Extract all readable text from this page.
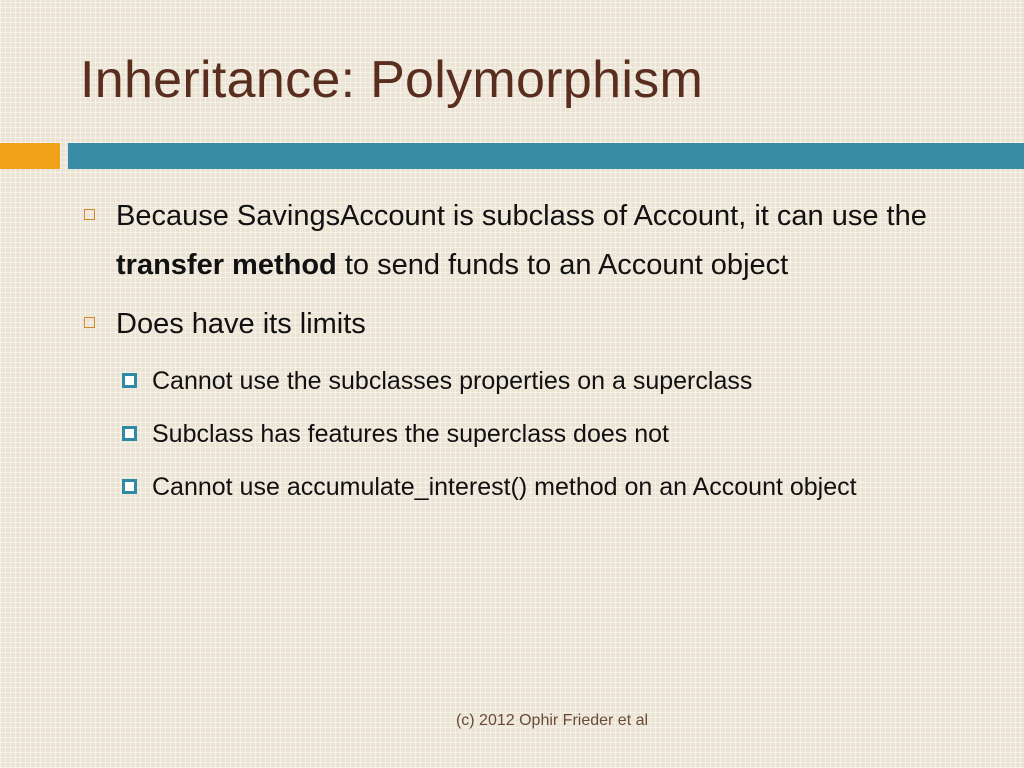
Inheritance: Polymorphism
Because SavingsAccount is subclass of Account, it can use the transfer method to send funds to an Account object
Does have its limits
Cannot use the subclasses properties on a superclass
Subclass has features the superclass does not
Cannot use accumulate_interest() method on an Account object
(c) 2012 Ophir Frieder et al
